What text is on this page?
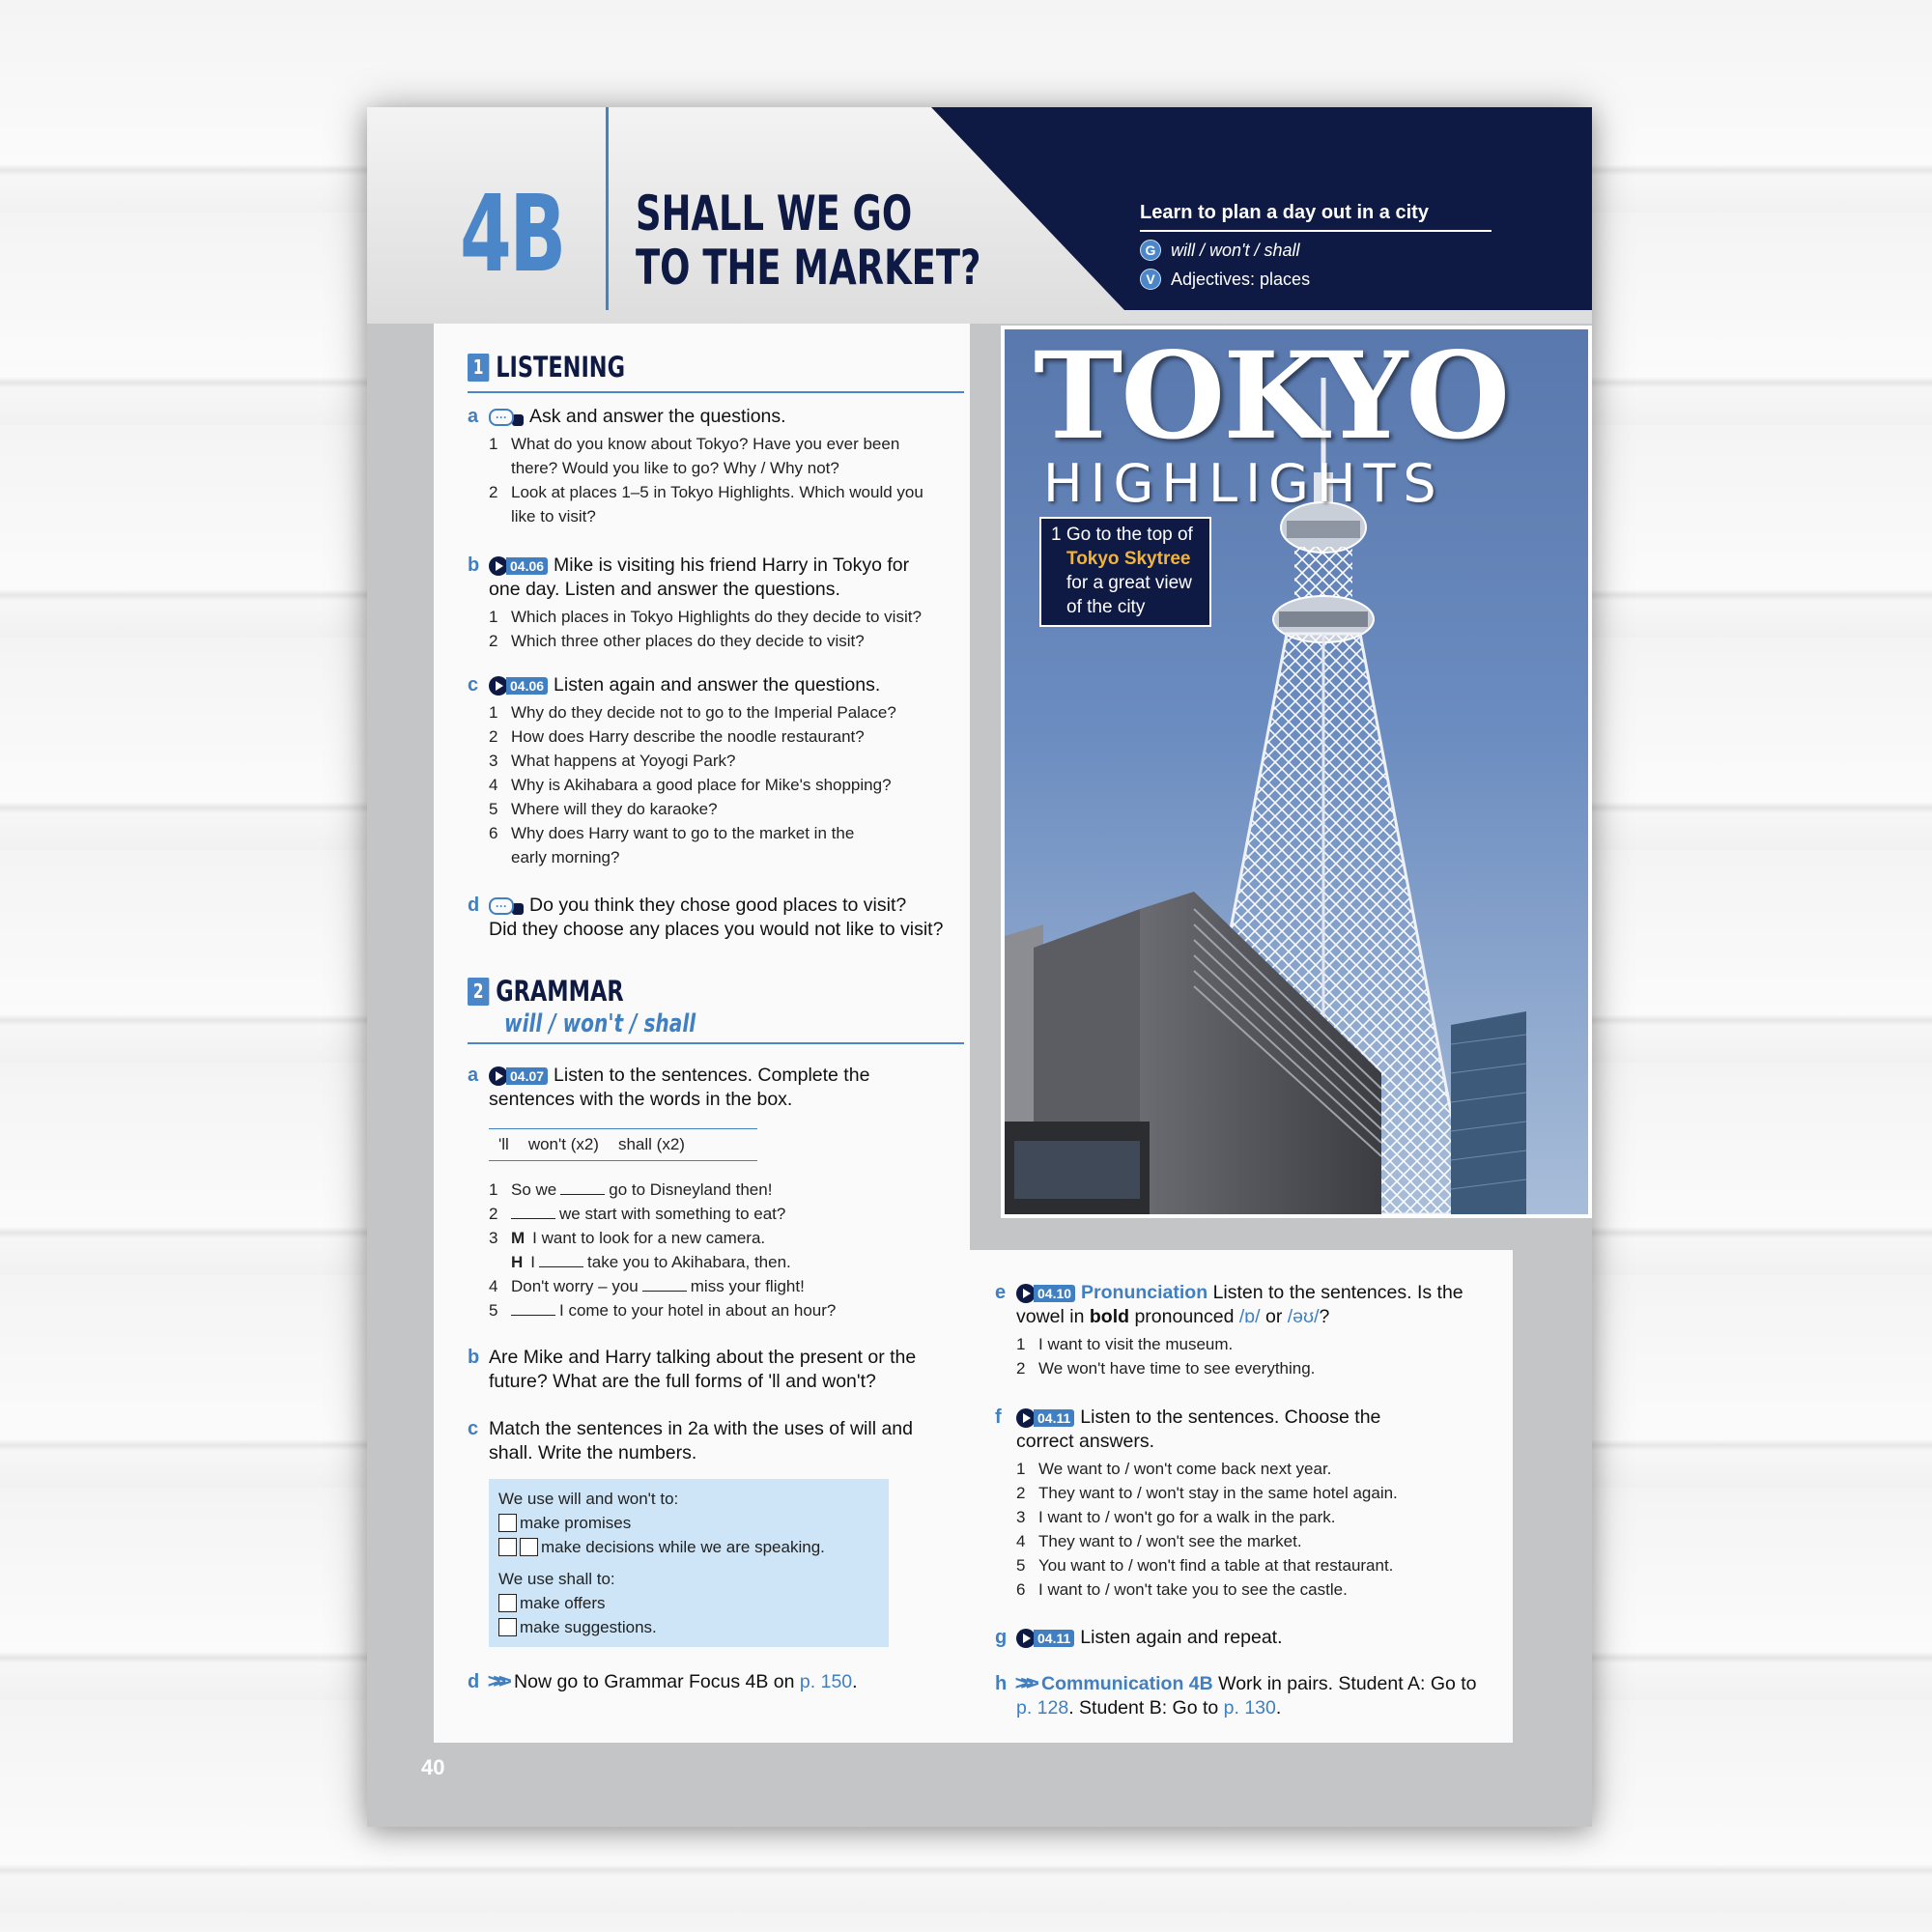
4B SHALL WE GO
TO THE MARKET?
Learn to plan a day out in a city
G will / won't / shall
V Adjectives: places
TOKYO
HIGHLIGHTS
1 Go to the top of
Tokyo Skytree
for a great view
of the city
1 LISTENING
a	···	Ask and answer the questions.
1 What do you know about Tokyo? Have you ever been
there? Would you like to go? Why / Why not?
2 Look at places 1–5 in Tokyo Highlights. Which would you
like to visit?
b	04.06 Mike is visiting his friend Harry in Tokyo for
one day. Listen and answer the questions.
1 Which places in Tokyo Highlights do they decide to visit?
2 Which three other places do they decide to visit?
c	04.06 Listen again and answer the questions.
1 Why do they decide not to go to the Imperial Palace?
2 How does Harry describe the noodle restaurant?
3 What happens at Yoyogi Park?
4 Why is Akihabara a good place for Mike's shopping?
5 Where will they do karaoke?
6 Why does Harry want to go to the market in the
early morning?
d	···	Do you think they chose good places to visit?
Did they choose any places you would not like to visit?
2 GRAMMAR
will / won't / shall
a	04.07 Listen to the sentences. Complete the
sentences with the words in the box.
'll won't (x2) shall (x2)
1 So we	go to Disneyland then!
2	we start with something to eat?
3 M I want to look for a new camera.
H I	take you to Akihabara, then.
4 Don't worry – you	miss your flight!
5	I come to your hotel in about an hour?
b Are Mike and Harry talking about the present or the
future? What are the full forms of 'll and won't?
c Match the sentences in 2a with the uses of will and
shall. Write the numbers.
We use will and won't to:
make promises
make decisions while we are speaking.
We use shall to:
make offers
make suggestions.
d >>> Now go to Grammar Focus 4B on p. 150.
e	04.10 Pronunciation Listen to the sentences. Is the
vowel in bold pronounced /ɒ/ or /əʊ/?
1 I want to visit the museum.
2 We won't have time to see everything.
f	04.11 Listen to the sentences. Choose the
correct answers.
1 We want to / won't come back next year.
2 They want to / won't stay in the same hotel again.
3 I want to / won't go for a walk in the park.
4 They want to / won't see the market.
5 You want to / won't find a table at that restaurant.
6 I want to / won't take you to see the castle.
g	04.11 Listen again and repeat.
h >>> Communication 4B Work in pairs. Student A: Go to
p. 128. Student B: Go to p. 130.
40
